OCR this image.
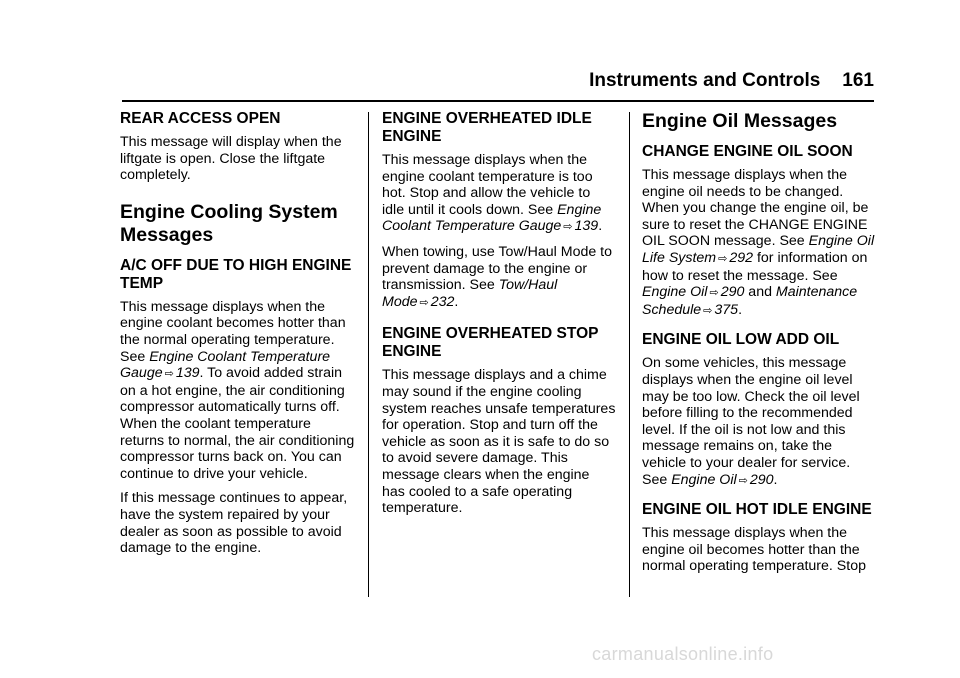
Instruments and Controls 161
REAR ACCESS OPEN

This message will display when the liftgate is open. Close the liftgate completely.

Engine Cooling System Messages
A/C OFF DUE TO HIGH ENGINE TEMP

This message displays when the engine coolant becomes hotter than the normal operating temperature. See Engine Coolant Temperature Gauge ⇨ 139. To avoid added strain on a hot engine, the air conditioning compressor automatically turns off. When the coolant temperature returns to normal, the air conditioning compressor turns back on. You can continue to drive your vehicle.

If this message continues to appear, have the system repaired by your dealer as soon as possible to avoid damage to the engine.

ENGINE OVERHEATED IDLE ENGINE

This message displays when the engine coolant temperature is too hot. Stop and allow the vehicle to idle until it cools down. See Engine Coolant Temperature Gauge ⇨ 139.

When towing, use Tow/Haul Mode to prevent damage to the engine or transmission. See Tow/Haul Mode ⇨ 232.

ENGINE OVERHEATED STOP ENGINE

This message displays and a chime may sound if the engine cooling system reaches unsafe temperatures for operation. Stop and turn off the vehicle as soon as it is safe to do so to avoid severe damage. This message clears when the engine has cooled to a safe operating temperature.

Engine Oil Messages
CHANGE ENGINE OIL SOON

This message displays when the engine oil needs to be changed. When you change the engine oil, be sure to reset the CHANGE ENGINE OIL SOON message. See Engine Oil Life System ⇨ 292 for information on how to reset the message. See Engine Oil ⇨ 290 and Maintenance Schedule ⇨ 375.

ENGINE OIL LOW ADD OIL

On some vehicles, this message displays when the engine oil level may be too low. Check the oil level before filling to the recommended level. If the oil is not low and this message remains on, take the vehicle to your dealer for service. See Engine Oil ⇨ 290.

ENGINE OIL HOT IDLE ENGINE

This message displays when the engine oil becomes hotter than the normal operating temperature. Stop

carmanualsonline.info
